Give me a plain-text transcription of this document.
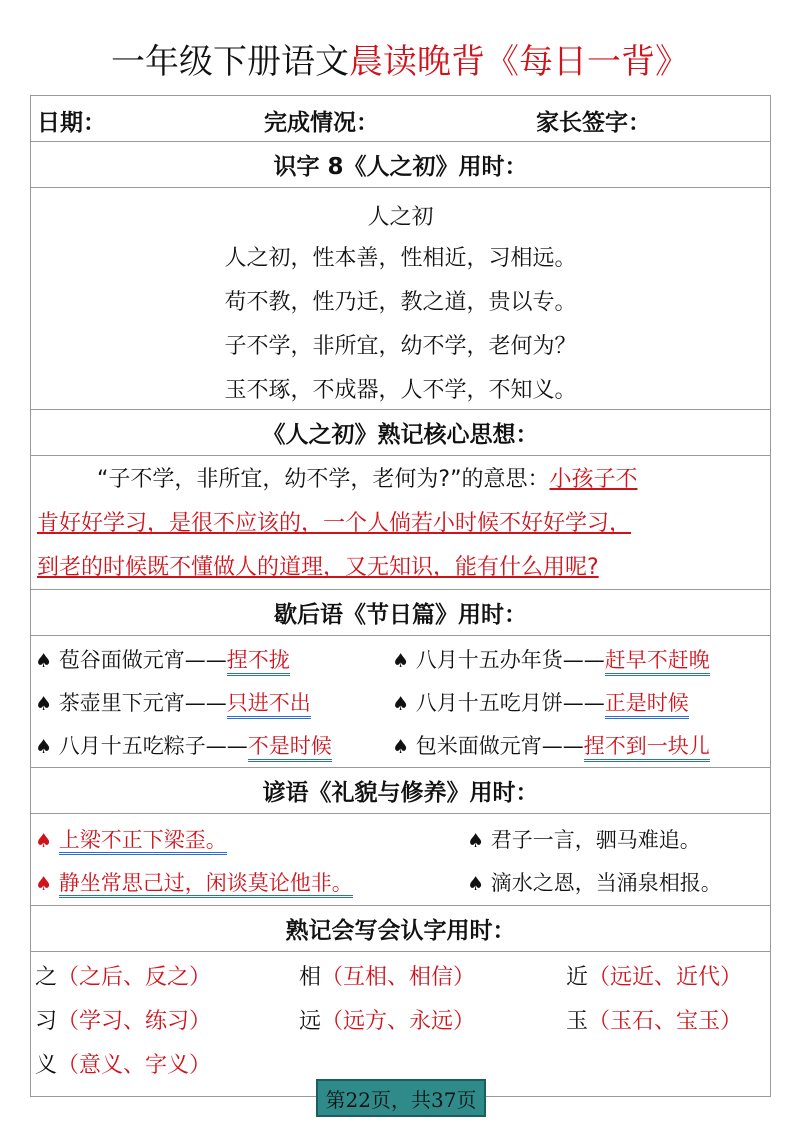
一年级下册语文晨读晚背《每日一背》
日期：	完成情况：	家长签字：
识字 8《人之初》用时：
人之初
人之初，性本善，性相近，习相远。
苟不教，性乃迁，教之道，贵以专。
子不学，非所宜，幼不学，老何为？
玉不琢，不成器，人不学，不知义。
《人之初》熟记核心思想：
“子不学，非所宜，幼不学，老何为?”的意思：小孩子不
肯好好学习，是很不应该的，一个人倘若小时候不好好学习，
到老的时候既不懂做人的道理，又无知识，能有什么用呢?
歇后语《节日篇》用时：
♠ 苞谷面做元宵——捏不拢	♠ 八月十五办年货——赶早不赶晚
♠ 茶壶里下元宵——只进不出	♠ 八月十五吃月饼——正是时候
♠ 八月十五吃粽子——不是时候	♠ 包米面做元宵——捏不到一块儿
谚语《礼貌与修养》用时：
♠ 上梁不正下梁歪。	♠ 君子一言，驷马难追。
♠ 静坐常思己过，闲谈莫论他非。	♠ 滴水之恩，当涌泉相报。
熟记会写会认字用时：
之（之后、反之）	相（互相、相信）	近（远近、近代）
习（学习、练习）	远（远方、永远）	玉（玉石、宝玉）
义（意义、字义）
第22页，共37页
